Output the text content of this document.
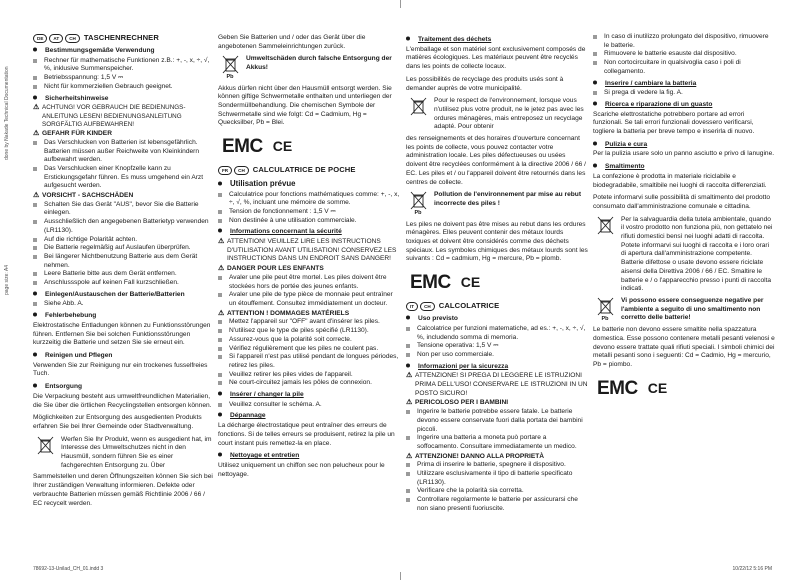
done by Nakade Technical Documentation
page size: A4
DE	AT	CH	TASCHENRECHNER
Bestimmungsgemäße Verwendung
Rechner für mathematische Funktionen z.B.: +, -, x, ÷, √, %, inklusive Summenspeicher.
Betriebsspannung: 1,5 V ⎓
Nicht für kommerziellen Gebrauch geeignet.
Sicherheitshinweise
⚠ ACHTUNG! VOR GEBRAUCH DIE BEDIENUNGS-ANLEITUNG LESEN! BEDIENUNGSANLEITUNG SORGFÄLTIG AUFBEWAHREN!
⚠ GEFAHR FÜR KINDER
Das Verschlucken von Batterien ist lebensgefährlich. Batterien müssen außer Reichweite von Kleinkindern aufbewahrt werden.
Das Verschlucken einer Knopfzelle kann zu Erstickungsgefahr führen. Es muss umgehend ein Arzt aufgesucht werden.
⚠ VORSICHT - SACHSCHÄDEN
Schalten Sie das Gerät "AUS", bevor Sie die Batterie einlegen.
Ausschließlich den angegebenen Batterietyp verwenden (LR1130).
Auf die richtige Polarität achten.
Die Batterie regelmäßig auf Auslaufen überprüfen.
Bei längerer Nichtbenutzung Batterie aus dem Gerät nehmen.
Leere Batterie bitte aus dem Gerät entfernen.
Anschlussspole auf keinen Fall kurzschließen.
Einlegen/Austauschen der Batterie/Batterien
Siehe Abb. A.
Fehlerbehebung

Elektrostatische Entladungen können zu Funktionsstörungen führen. Entfernen Sie bei solchen Funktionsstörungen kurzzeitig die Batterie und setzen Sie sie erneut ein.

Reinigen und Pflegen

Verwenden Sie zur Reinigung nur ein trockenes fusselfreies Tuch.

Entsorgung

Die Verpackung besteht aus umweltfreundlichen Materialien, die Sie über die örtlichen Recyclingstellen entsorgen können.

Möglichkeiten zur Entsorgung des ausgedienten Produkts erfahren Sie bei Ihrer Gemeinde oder Stadtverwaltung.

Werfen Sie Ihr Produkt, wenn es ausgedient hat, im Interesse des Umweltschutzes nicht in den Hausmüll, sondern führen Sie es einer fachgerechten Entsorgung zu. Über

Sammelstellen und deren Öffnungszeiten können Sie sich bei Ihrer zuständigen Verwaltung informieren. Defekte oder verbrauchte Batterien müssen gemäß Richtlinie 2006 / 66 / EC recycelt werden.

Geben Sie Batterien und / oder das Gerät über die angebotenen Sammeleinrichtungen zurück.

Pb

Umweltschäden durch falsche Entsorgung der Akkus!

Akkus dürfen nicht über den Hausmüll entsorgt werden. Sie können giftige Schwermetalle enthalten und unterliegen der Sondermüllbehandlung. Die chemischen Symbole der Schwermetalle sind wie folgt: Cd = Cadmium, Hg = Quecksilber, Pb = Blei.

EMC CE
FR	CH	CALCULATRICE DE POCHE
Utilisation prévue
Calculatrice pour fonctions mathématiques comme: +, -, x, ÷, √, %, incluant une mémoire de somme.
Tension de fonctionnement : 1,5 V ⎓
Non destinée à une utilisation commerciale.
Informations concernant la sécurité
⚠ ATTENTION! VEUILLEZ LIRE LES INSTRUCTIONS D'UTILISATION AVANT UTILISATION! CONSERVEZ LES INSTRUCTIONS DANS UN ENDROIT SANS DANGER!
⚠ DANGER POUR LES ENFANTS
Avaler une pile peut être mortel. Les piles doivent être stockées hors de portée des jeunes enfants.
Avaler une pile de type pièce de monnaie peut entraîner un étouffement. Consultez immédiatement un docteur.
⚠ ATTENTION ! DOMMAGES MATÉRIELS
Mettez l'appareil sur "OFF" avant d'insérer les piles.
N'utilisez que le type de piles spécifié (LR1130).
Assurez-vous que la polarité soit correcte.
Vérifiez régulièrement que les piles ne coulent pas.
Si l'appareil n'est pas utilisé pendant de longues périodes, retirez les piles.
Veuillez retirer les piles vides de l'appareil.
Ne court-circuitez jamais les pôles de connexion.
Insérer / changer la pile
Veuillez consulter le schéma. A.
Dépannage

La décharge électrostatique peut entraîner des erreurs de fonctions. Si de telles erreurs se produisent, retirez la pile un court instant puis remettez-la en place.

Nettoyage et entretien

Utilisez uniquement un chiffon sec non pelucheux pour le nettoyage.

Traitement des déchets

L'emballage et son matériel sont exclusivement composés de matières écologiques. Les matériaux peuvent être recyclés dans les points de collecte locaux.

Les possibilités de recyclage des produits usés sont à demander auprès de votre municipalité.

Pour le respect de l'environnement, lorsque vous n'utilisez plus votre produit, ne le jetez pas avec les ordures ménagères, mais entreposez un recyclage adapté. Pour obtenir

des renseignements et des horaires d'ouverture concernant les points de collecte, vous pouvez contacter votre administration locale. Les piles défectueuses ou usées doivent être recyclées conformément à la directive 2006 / 66 / EC. Les piles et / ou l'appareil doivent être retournés dans les centres de collecte.

Pb

Pollution de l'environnement par mise au rebut incorrecte des piles !

Les piles ne doivent pas être mises au rebut dans les ordures ménagères. Elles peuvent contenir des métaux lourds toxiques et doivent être considérés comme des déchets spéciaux. Les symboles chimiques des métaux lourds sont les suivants : Cd = cadmium, Hg = mercure, Pb = plomb.

EMC CE
IT	CH	CALCOLATRICE
Uso previsto
Calcolatrice per funzioni matematiche, ad es.: +, -, x, ÷, √, %, includendo somma di memoria.
Tensione operativa: 1,5 V ⎓
Non per uso commerciale.
Informazioni per la sicurezza
⚠ ATTENZIONE! SI PREGA DI LEGGERE LE ISTRUZIONI PRIMA DELL'USO! CONSERVARE LE ISTRUZIONI IN UN POSTO SICURO!
⚠ PERICOLOSO PER I BAMBINI
Ingerire le batterie potrebbe essere fatale. Le batterie devono essere conservate fuori dalla portata dei bambini piccoli.
Ingerire una batteria a moneta può portare a soffocamento. Consultare immediatamente un medico.
⚠ ATTENZIONE! DANNO ALLA PROPRIETÀ
Prima di inserire le batterie, spegnere il dispositivo.
Utilizzare esclusivamente il tipo di batterie specificato (LR1130).
Verificare che la polarità sia corretta.
Controllare regolarmente le batterie per assicurarsi che non siano presenti fuoriuscite.
In caso di inutilizzo prolungato del dispositivo, rimuovere le batterie.
Rimuovere le batterie esauste dal dispositivo.
Non cortocircuitare in qualsivoglia caso i poli di collegamento.
Inserire / cambiare la batteria
Si prega di vedere la fig. A.
Ricerca e riparazione di un guasto

Scariche elettrostatiche potrebbero portare ad errori funzionali. Se tali errori funzionali dovessero verificarsi, togliere la batteria per breve tempo e inserirla di nuovo.

Pulizia e cura

Per la pulizia usare solo un panno asciutto e privo di lanugine.

Smaltimento

La confezione è prodotta in materiale riciclabile e biodegradabile, smaltibile nei luoghi di raccolta differenziati.

Potete informarvi sulle possibilità di smaltimento del prodotto consumato dall'amministrazione comunale e cittadina.

Per la salvaguardia della tutela ambientale, quando il vostro prodotto non funziona più, non gettatelo nei rifiuti domestici bensì nei luoghi adatti di raccolta. Potete informarvi sui luoghi di raccolta e i loro orari di apertura dall'amministrazione competente. Batterie difettose o usate devono essere riciclate aisensi della Direttiva 2006 / 66 / EC. Smaltire le batterie e / o l'apparecchio presso i punti di raccolta indicati.

Pb

Vi possono essere conseguenze negative per l'ambiente a seguito di uno smaltimento non corretto delle batterie!

Le batterie non devono essere smaltite nella spazzatura domestica. Esse possono contenere metalli pesanti velenosi e devono essere trattate quali rifiuti speciali. I simboli chimici dei metalli pesanti sono i seguenti: Cd = Cadmio, Hg = mercurio, Pb = piombo.

EMC CE
78692-13-Unilad_CH_01.indd 3	10/22/12 5:16 PM
